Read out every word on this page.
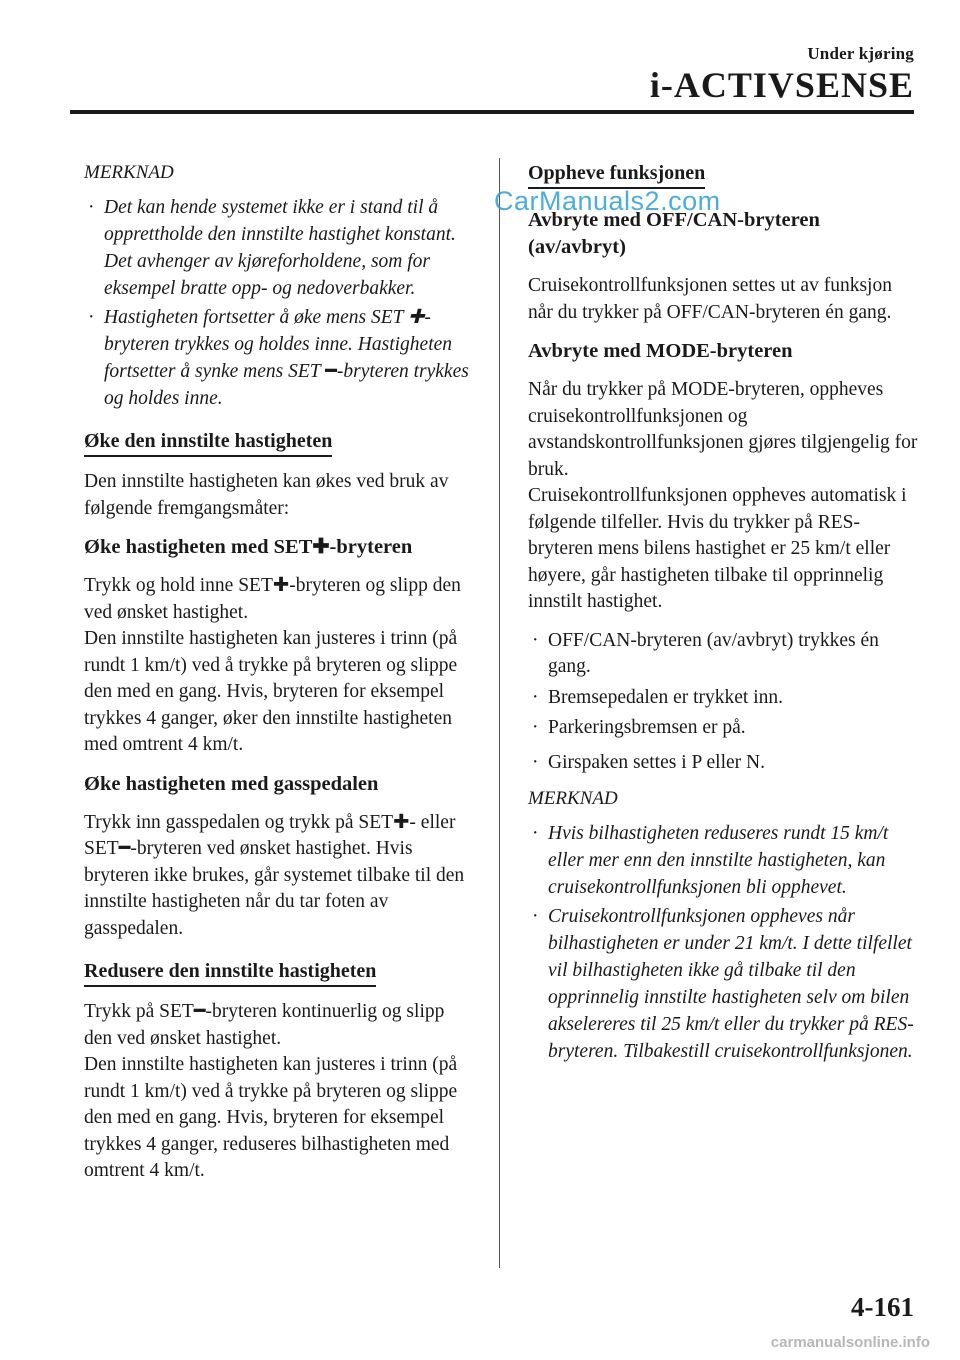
Under kjøring
i-ACTIVSENSE
MERKNAD
· Det kan hende systemet ikke er i stand til å opprettholde den innstilte hastighet konstant. Det avhenger av kjøreforholdene, som for eksempel bratte opp- og nedoverbakker.
· Hastigheten fortsetter å øke mens SET ✚-bryteren trykkes og holdes inne. Hastigheten fortsetter å synke mens SET ━-bryteren trykkes og holdes inne.
Øke den innstilte hastigheten

Den innstilte hastigheten kan økes ved bruk av følgende fremgangsmåter:

Øke hastigheten med SET✚-bryteren

Trykk og hold inne SET✚-bryteren og slipp den ved ønsket hastighet.

Den innstilte hastigheten kan justeres i trinn (på rundt 1 km/t) ved å trykke på bryteren og slippe den med en gang. Hvis, bryteren for eksempel trykkes 4 ganger, øker den innstilte hastigheten med omtrent 4 km/t.

Øke hastigheten med gasspedalen

Trykk inn gasspedalen og trykk på SET✚- eller SET━-bryteren ved ønsket hastighet. Hvis bryteren ikke brukes, går systemet tilbake til den innstilte hastigheten når du tar foten av gasspedalen.

Redusere den innstilte hastigheten

Trykk på SET━-bryteren kontinuerlig og slipp den ved ønsket hastighet.

Den innstilte hastigheten kan justeres i trinn (på rundt 1 km/t) ved å trykke på bryteren og slippe den med en gang. Hvis, bryteren for eksempel trykkes 4 ganger, reduseres bilhastigheten med omtrent 4 km/t.

Oppheve funksjonen
Avbryte med OFF/CAN-bryteren (av/avbryt)

Cruisekontrollfunksjonen settes ut av funksjon når du trykker på OFF/CAN-bryteren én gang.

Avbryte med MODE-bryteren

Når du trykker på MODE-bryteren, oppheves cruisekontrollfunksjonen og avstandskontrollfunksjonen gjøres tilgjengelig for bruk.

Cruisekontrollfunksjonen oppheves automatisk i følgende tilfeller. Hvis du trykker på RES-bryteren mens bilens hastighet er 25 km/t eller høyere, går hastigheten tilbake til opprinnelig innstilt hastighet.

· OFF/CAN-bryteren (av/avbryt) trykkes én gang.
· Bremsepedalen er trykket inn.
· Parkeringsbremsen er på.
· Girspaken settes i P eller N.
MERKNAD
· Hvis bilhastigheten reduseres rundt 15 km/t eller mer enn den innstilte hastigheten, kan cruisekontrollfunksjonen bli opphevet.
· Cruisekontrollfunksjonen oppheves når bilhastigheten er under 21 km/t. I dette tilfellet vil bilhastigheten ikke gå tilbake til den opprinnelig innstilte hastigheten selv om bilen akselereres til 25 km/t eller du trykker på RES-bryteren. Tilbakestill cruisekontrollfunksjonen.
CarManuals2.com
4-161
carmanualsonline.info
